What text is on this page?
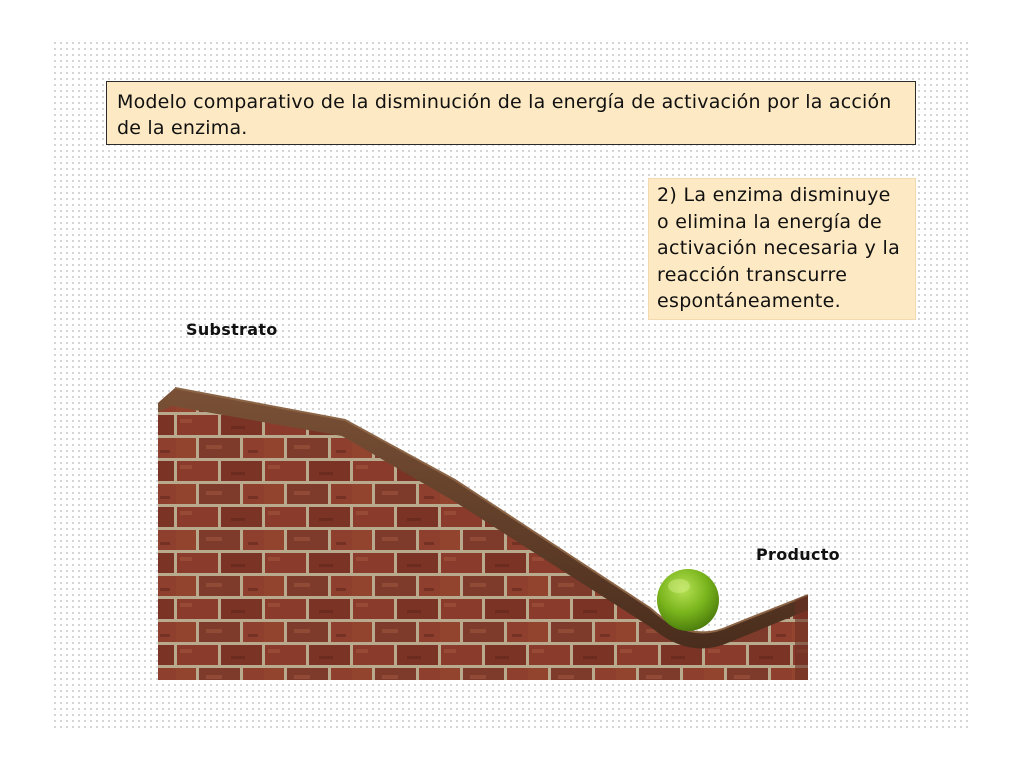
Modelo comparativo de la disminución de la energía de activación por la acción de la enzima.
2) La enzima disminuye o elimina la energía de activación necesaria y la reacción transcurre espontáneamente.
Substrato
Producto
